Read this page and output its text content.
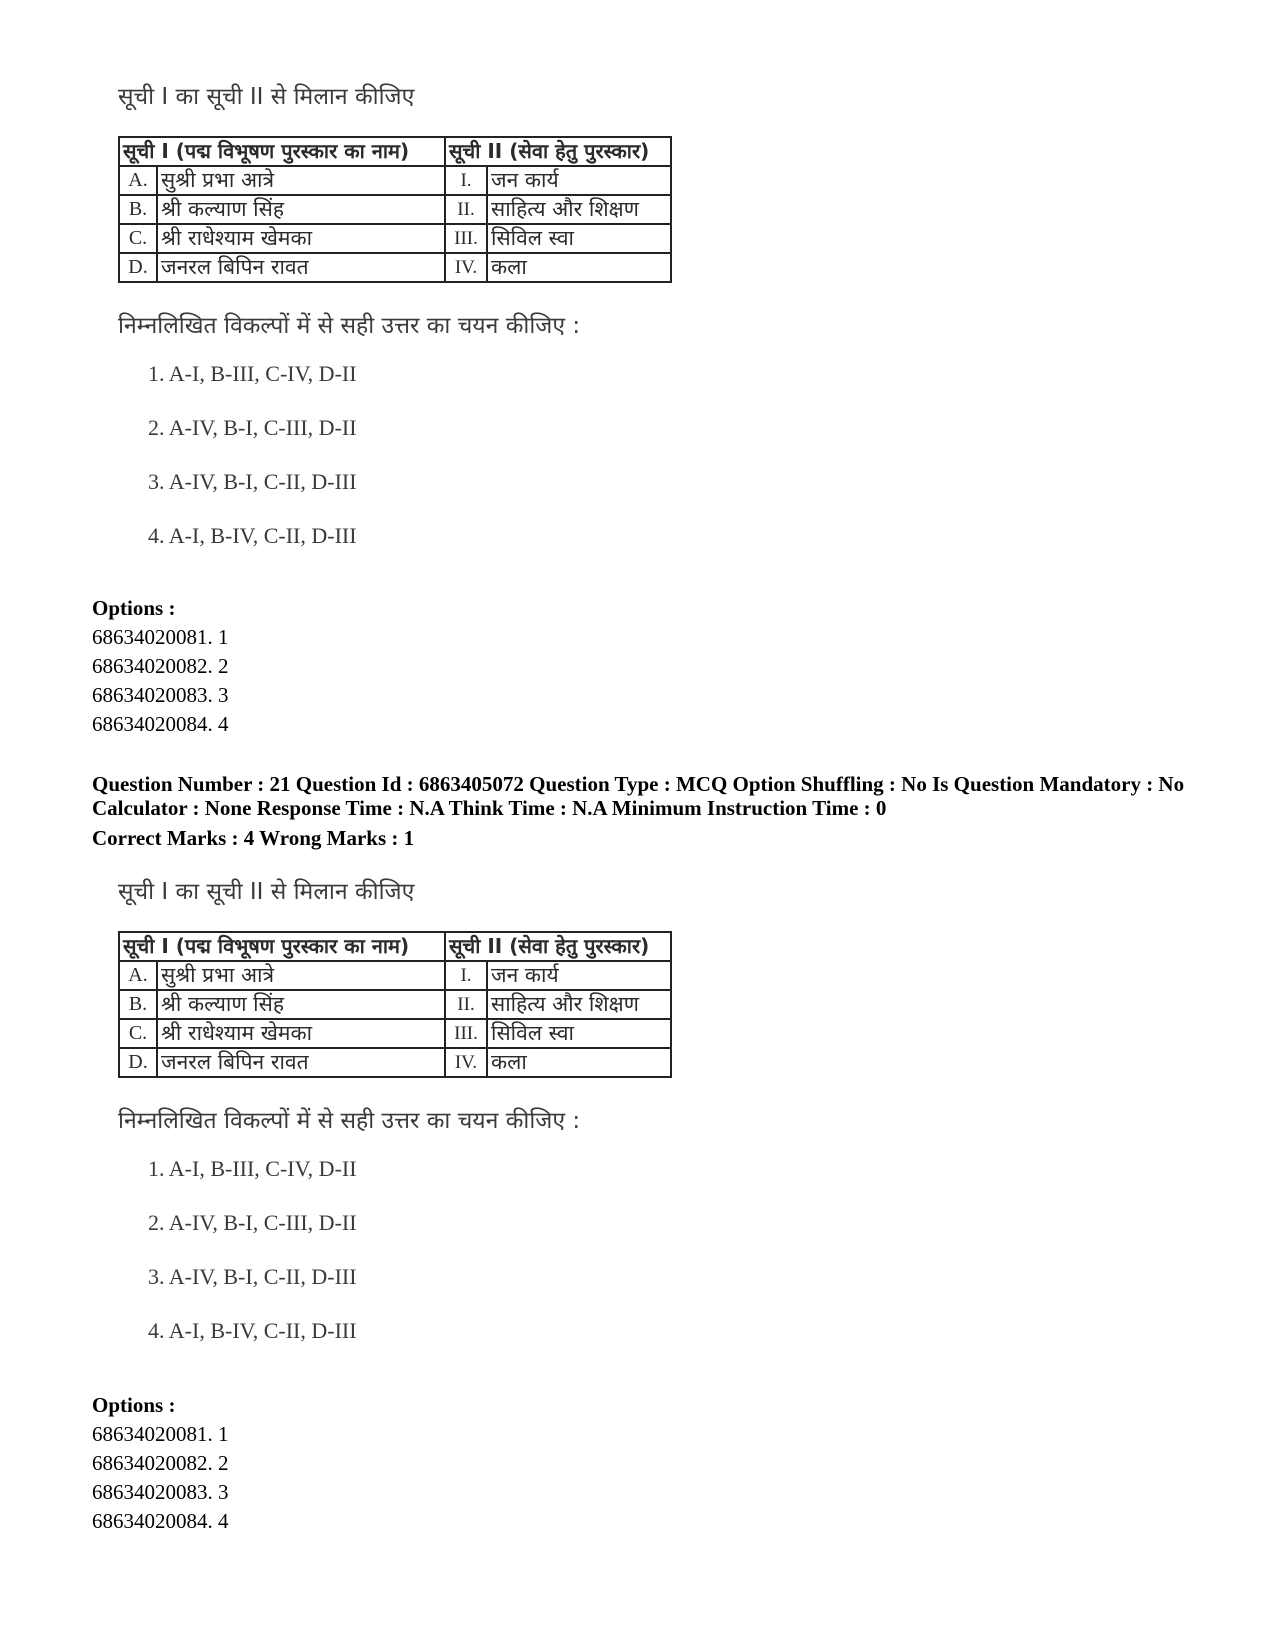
सूची I का सूची II से मिलान कीजिए

सूची I (पद्म विभूषण पुरस्कार का नाम)		सूची II (सेवा हेतु पुरस्कार)	
A.	सुश्री प्रभा आत्रे	I.	जन कार्य
B.	श्री कल्याण सिंह	II.	साहित्य और शिक्षण
C.	श्री राधेश्याम खेमका	III.	सिविल स्वा
D.	जनरल बिपिन रावत	IV.	कला
निम्नलिखित विकल्पों में से सही उत्तर का चयन कीजिए :
1. A-I, B-III, C-IV, D-II
2. A-IV, B-I, C-III, D-II
3. A-IV, B-I, C-II, D-III
4. A-I, B-IV, C-II, D-III
Options :
68634020081. 1
68634020082. 2
68634020083. 3
68634020084. 4
Question Number : 21 Question Id : 6863405072 Question Type : MCQ Option Shuffling : No Is Question Mandatory : No Calculator : None Response Time : N.A Think Time : N.A Minimum Instruction Time : 0
Correct Marks : 4 Wrong Marks : 1

सूची I का सूची II से मिलान कीजिए

सूची I (पद्म विभूषण पुरस्कार का नाम)		सूची II (सेवा हेतु पुरस्कार)	
A.	सुश्री प्रभा आत्रे	I.	जन कार्य
B.	श्री कल्याण सिंह	II.	साहित्य और शिक्षण
C.	श्री राधेश्याम खेमका	III.	सिविल स्वा
D.	जनरल बिपिन रावत	IV.	कला
निम्नलिखित विकल्पों में से सही उत्तर का चयन कीजिए :
1. A-I, B-III, C-IV, D-II
2. A-IV, B-I, C-III, D-II
3. A-IV, B-I, C-II, D-III
4. A-I, B-IV, C-II, D-III
Options :
68634020081. 1
68634020082. 2
68634020083. 3
68634020084. 4
